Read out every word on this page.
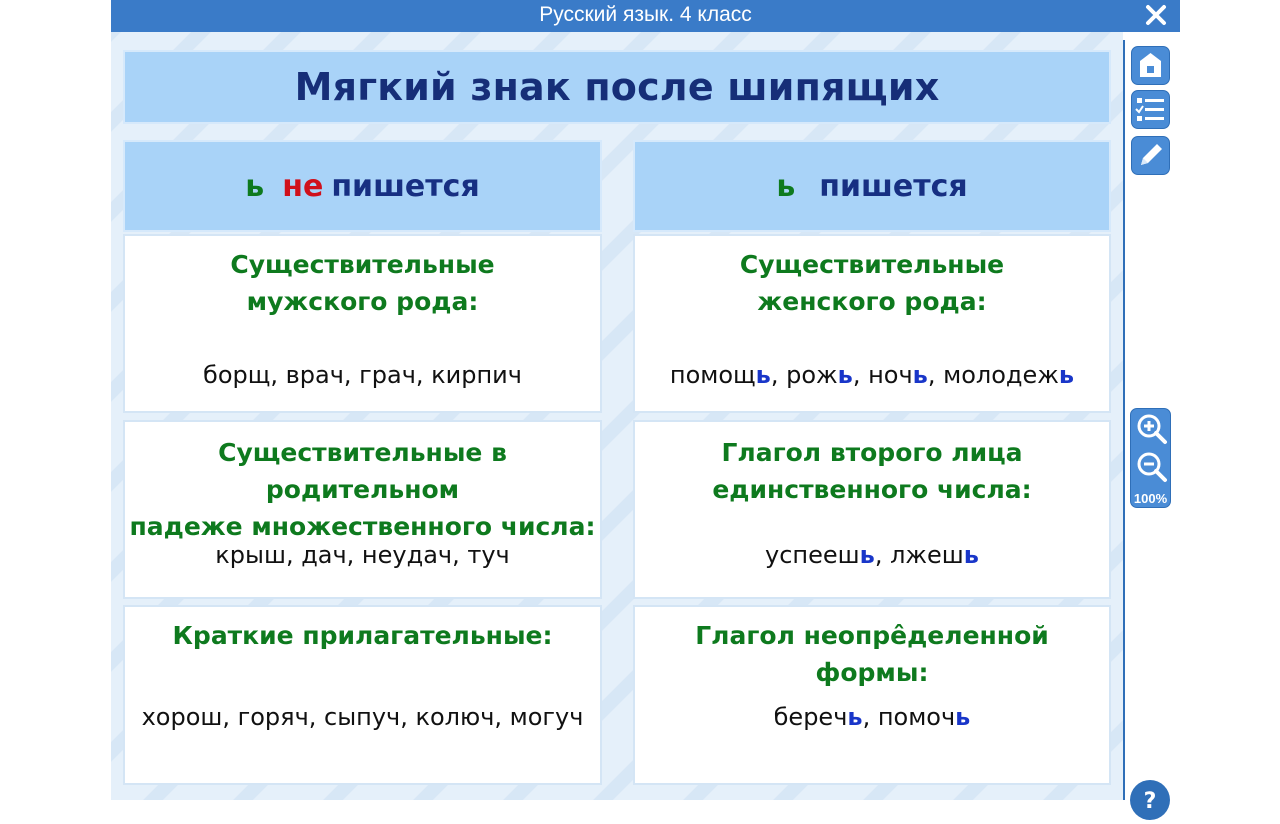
Русский язык. 4 класс
Мягкий знак после шипящих
ь не пишется	ь пишется
Существительные
мужского рода:
борщ, врач, грач, кирпич
Существительные
женского рода:
помощь, рожь, ночь, молодежь
Существительные в родительном
падеже множественного числа:
крыш, дач, неудач, туч
Глагол второго лица
единственного числа:
успеешь, лжешь
Краткие прилагательные:
хорош, горяч, сыпуч, колюч, могуч
Глагол неопрêделенной формы:
беречь, помочь
100%
?
